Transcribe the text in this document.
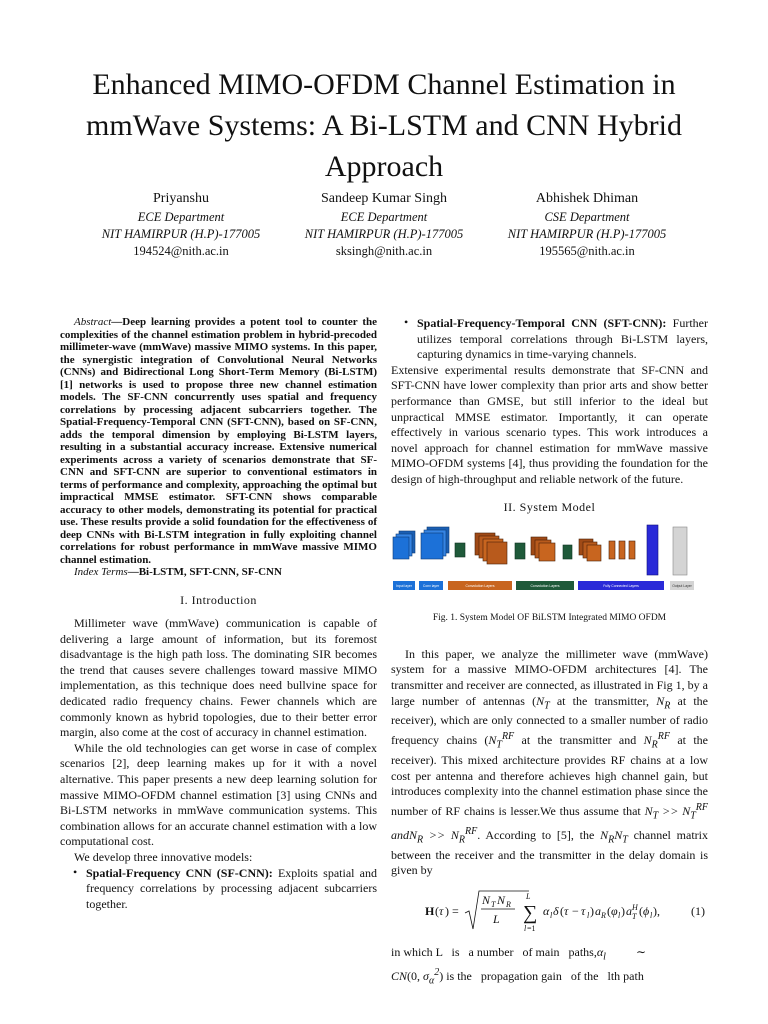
Enhanced MIMO-OFDM Channel Estimation in mmWave Systems: A Bi-LSTM and CNN Hybrid Approach
Priyanshu
ECE Department
NIT HAMIRPUR (H.P)-177005
194524@nith.ac.in
Sandeep Kumar Singh
ECE Department
NIT HAMIRPUR (H.P)-177005
sksingh@nith.ac.in
Abhishek Dhiman
CSE Department
NIT HAMIRPUR (H.P)-177005
195565@nith.ac.in
Abstract—Deep learning provides a potent tool to counter the complexities of the channel estimation problem in hybrid-precoded millimeter-wave (mmWave) massive MIMO systems. In this paper, the synergistic integration of Convolutional Neural Networks (CNNs) and Bidirectional Long Short-Term Memory (Bi-LSTM) [1] networks is used to propose three new channel estimation models. The SF-CNN concurrently uses spatial and frequency correlations by processing adjacent subcarriers together. The Spatial-Frequency-Temporal CNN (SFT-CNN), based on SF-CNN, adds the temporal dimension by employing Bi-LSTM layers, resulting in a substantial accuracy increase. Extensive numerical experiments across a variety of scenarios demonstrate that SF-CNN and SFT-CNN are superior to conventional estimators in terms of performance and complexity, approaching the optimal but impractical MMSE estimator. SFT-CNN shows comparable accuracy to other models, demonstrating its potential for practical use. These results provide a solid foundation for the effectiveness of deep CNNs with Bi-LSTM integration in fully exploiting channel correlations for robust performance in mmWave massive MIMO channel estimation.
Index Terms—Bi-LSTM, SFT-CNN, SF-CNN
I. Introduction

Millimeter wave (mmWave) communication is capable of delivering a large amount of information, but its foremost disadvantage is the high path loss. The dominating SIR becomes the trend that causes severe challenges toward massive MIMO implementation, as this technique does need bullvine space for dedicated radio frequency chains. Fewer channels which are commonly known as hybrid topologies, due to their better error margin, also come at the cost of accuracy in channel estimation.

While the old technologies can get worse in case of complex scenarios [2], deep learning makes up for it with a novel alternative. This paper presents a new deep learning solution for massive MIMO-OFDM channel estimation [3] using CNNs and Bi-LSTM networks in mmWave communication systems. This combination allows for an accurate channel estimation with a low computational cost.

We develop three innovative models:

• Spatial-Frequency CNN (SF-CNN): Exploits spatial and frequency correlations by processing adjacent subcarriers together.
• Spatial-Frequency-Temporal CNN (SFT-CNN): Further utilizes temporal correlations through Bi-LSTM layers, capturing dynamics in time-varying channels.

Extensive experimental results demonstrate that SF-CNN and SFT-CNN have lower complexity than prior arts and show better performance than GMSE, but still inferior to the ideal but unpractical MMSE estimator. Importantly, it can operate effectively in various scenario types. This work introduces a novel approach for channel estimation for mmWave massive MIMO-OFDM systems [4], thus providing the foundation for the design of high-throughput and reliable network of the future.

II. System Model
Input layer	Conv layer	Convolution Layers	Convolution Layers	Fully Connected Layers	Output Layer
Fig. 1. System Model OF BiLSTM Integrated MIMO OFDM

In this paper, we analyze the millimeter wave (mmWave) system for a massive MIMO-OFDM architectures [4]. The transmitter and receiver are connected, as illustrated in Fig 1, by a large number of antennas ($N_T$ at the transmitter, $N_R$ at the receiver), which are only connected to a smaller number of radio frequency chains ($N_T^{RF}$ at the transmitter and $N_R^{RF}$ at the receiver). This mixed architecture provides RF chains at a low cost per antenna and therefore achieves high channel gain, but introduces complexity into the channel estimation phase since the number of RF chains is lesser.We thus assume that $N_T >> N_T^{RF}$ andN$_R$ >> $N_R^{RF}$. According to [5], the $N_RN_T$ channel matrix between the receiver and the transmitter in the delay domain is given by

H ( τ ) =
N T N R
L ∑
L
l =1
α l δ ( τ − τ l ) a R ( φ l ) a H
T ( ϕ l ),	(1)

in which L   is   a number   of main   $paths,\alpha_l$          ∼
CN(0, $\sigma_\alpha^2$) is the   propagation gain   of the   lth path
